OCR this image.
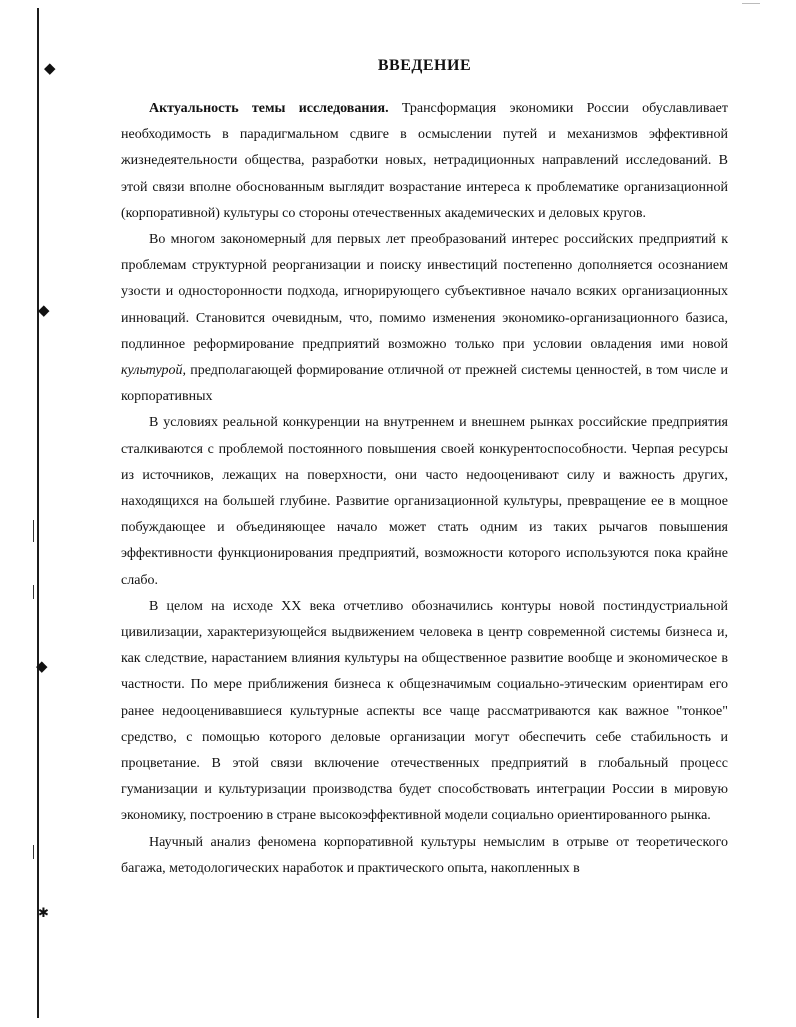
◆
◆
◆
✱
ВВЕДЕНИЕ

Актуальность темы исследования. Трансформация экономики России обуславливает необходимость в парадигмальном сдвиге в осмыслении путей и механизмов эффективной жизнедеятельности общества, разработки новых, нетрадиционных направлений исследований. В этой связи вполне обоснованным выглядит возрастание интереса к проблематике организационной (корпоративной) культуры со стороны отечественных академических и деловых кругов.

Во многом закономерный для первых лет преобразований интерес российских предприятий к проблемам структурной реорганизации и поиску инвестиций постепенно дополняется осознанием узости и односторонности подхода, игнорирующего субъективное начало всяких организационных инноваций. Становится очевидным, что, помимо изменения экономико-организационного базиса, подлинное реформирование предприятий возможно только при условии овладения ими новой культурой, предполагающей формирование отличной от прежней системы ценностей, в том числе и корпоративных

В условиях реальной конкуренции на внутреннем и внешнем рынках российские предприятия сталкиваются с проблемой постоянного повышения своей конкурентоспособности. Черпая ресурсы из источников, лежащих на поверхности, они часто недооценивают силу и важность других, находящихся на большей глубине. Развитие организационной культуры, превращение ее в мощное побуждающее и объединяющее начало может стать одним из таких рычагов повышения эффективности функционирования предприятий, возможности которого используются пока крайне слабо.

В целом на исходе XX века отчетливо обозначились контуры новой постиндустриальной цивилизации, характеризующейся выдвижением человека в центр современной системы бизнеса и, как следствие, нарастанием влияния культуры на общественное развитие вообще и экономическое в частности. По мере приближения бизнеса к общезначимым социально-этическим ориентирам его ранее недооценивавшиеся культурные аспекты все чаще рассматриваются как важное "тонкое" средство, с помощью которого деловые организации могут обеспечить себе стабильность и процветание. В этой связи включение отечественных предприятий в глобальный процесс гуманизации и культуризации производства будет способствовать интеграции России в мировую экономику, построению в стране высокоэффективной модели социально ориентированного рынка.

Научный анализ феномена корпоративной культуры немыслим в отрыве от теоретического багажа, методологических наработок и практического опыта, накопленных в
